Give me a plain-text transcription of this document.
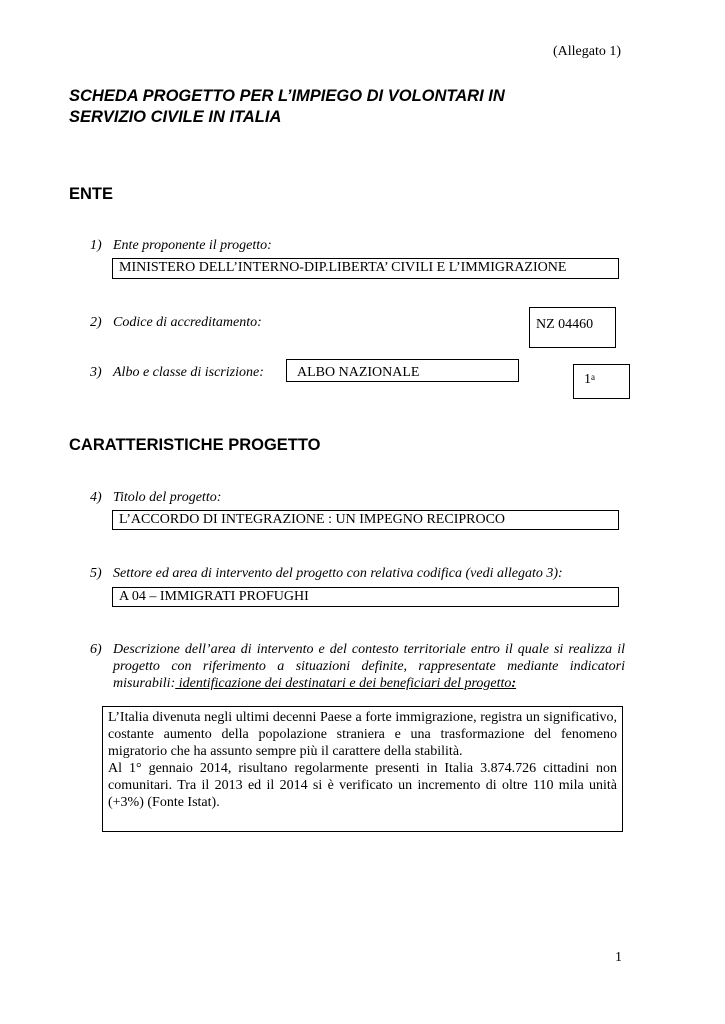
(Allegato 1)
SCHEDA PROGETTO PER L’IMPIEGO DI VOLONTARI IN
SERVIZIO CIVILE IN ITALIA
ENTE
1) Ente proponente il progetto:
MINISTERO DELL’INTERNO-DIP.LIBERTA’ CIVILI E L’IMMIGRAZIONE
2) Codice di accreditamento:	NZ 04460
3) Albo e classe di iscrizione:	ALBO NAZIONALE	1$^a$
CARATTERISTICHE PROGETTO
4) Titolo del progetto:
L’ACCORDO DI INTEGRAZIONE : UN IMPEGNO RECIPROCO
5) Settore ed area di intervento del progetto con relativa codifica (vedi allegato 3):
A 04 – IMMIGRATI PROFUGHI
6) Descrizione dell’area di intervento e del contesto territoriale entro il quale si realizza il progetto con riferimento a situazioni definite, rappresentate mediante indicatori misurabili: identificazione dei destinatari e dei beneficiari del progetto:
L’Italia divenuta negli ultimi decenni Paese a forte immigrazione, registra un significativo, costante aumento della popolazione straniera e una trasformazione del fenomeno migratorio che ha assunto sempre più il carattere della stabilità.
Al 1° gennaio 2014, risultano regolarmente presenti in Italia 3.874.726 cittadini non comunitari. Tra il 2013 ed il 2014 si è verificato un incremento di oltre 110 mila unità (+3%) (Fonte Istat).
1
